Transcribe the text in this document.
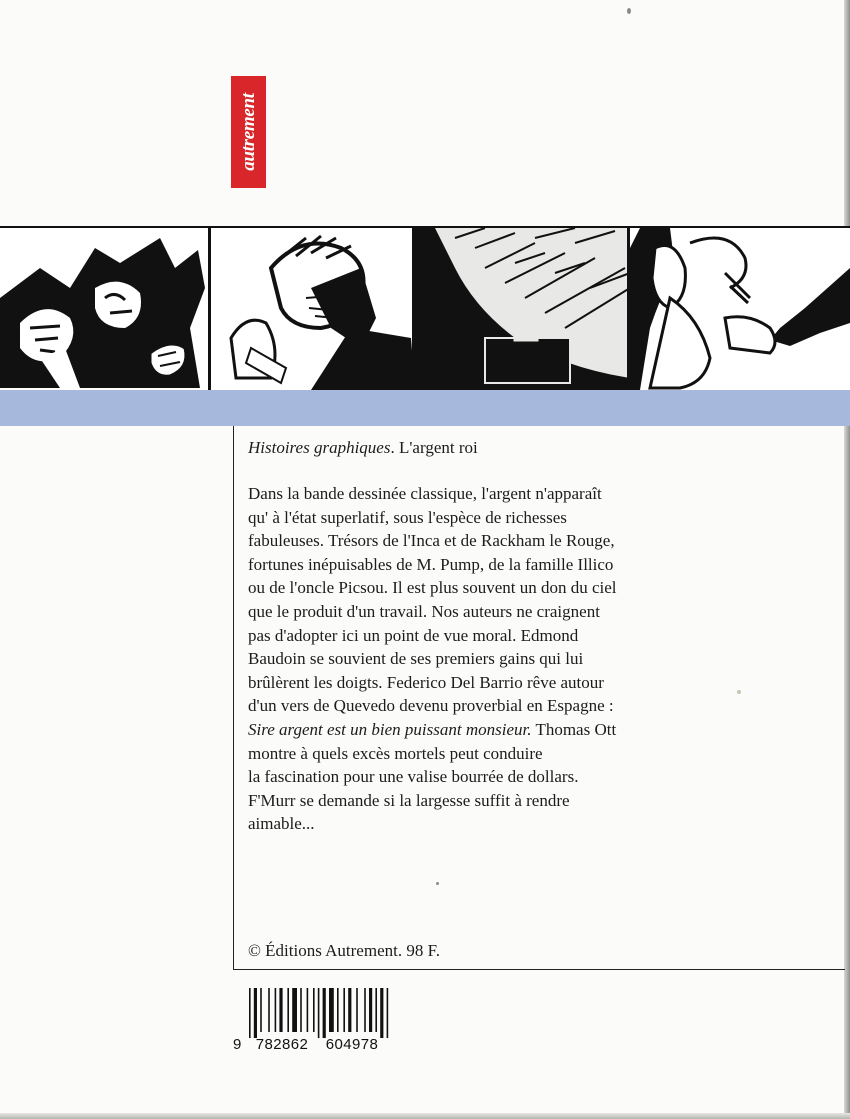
autrement
Histoires graphiques. L'argent roi
Dans la bande dessinée classique, l'argent n'apparaît
qu' à l'état superlatif, sous l'espèce de richesses
fabuleuses. Trésors de l'Inca et de Rackham le Rouge,
fortunes inépuisables de M. Pump, de la famille Illico
ou de l'oncle Picsou. Il est plus souvent un don du ciel
que le produit d'un travail. Nos auteurs ne craignent
pas d'adopter ici un point de vue moral. Edmond
Baudoin se souvient de ses premiers gains qui lui
brûlèrent les doigts. Federico Del Barrio rêve autour
d'un vers de Quevedo devenu proverbial en Espagne :
Sire argent est un bien puissant monsieur. Thomas Ott
montre à quels excès mortels peut conduire
la fascination pour une valise bourrée de dollars.
F'Murr se demande si la largesse suffit à rendre
aimable...
© Éditions Autrement. 98 F.
9 782862	604978
